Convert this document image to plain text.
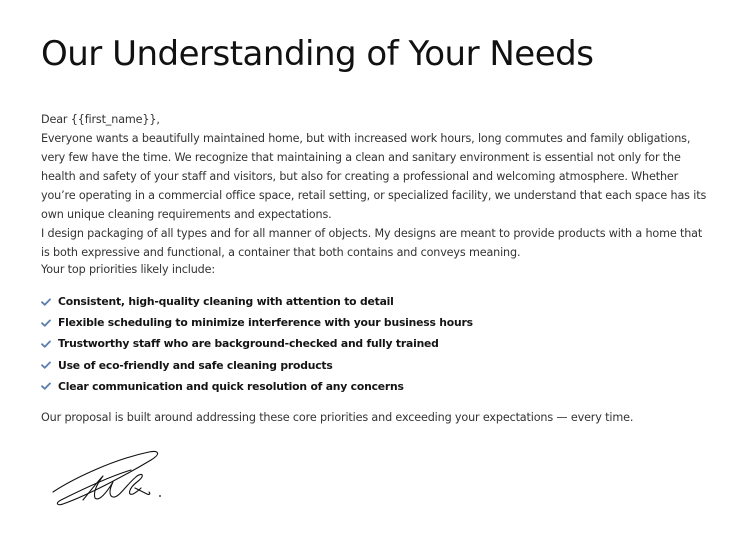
Our Understanding of Your Needs

Dear {{first_name}},

Everyone wants a beautifully maintained home, but with increased work hours, long commutes and family obligations, very few have the time. We recognize that maintaining a clean and sanitary environment is essential not only for the health and safety of your staff and visitors, but also for creating a professional and welcoming atmosphere. Whether you’re operating in a commercial office space, retail setting, or specialized facility, we understand that each space has its own unique cleaning requirements and expectations.

I design packaging of all types and for all manner of objects. My designs are meant to provide products with a home that is both expressive and functional, a container that both contains and conveys meaning.

Your top priorities likely include:
Consistent, high-quality cleaning with attention to detail
Flexible scheduling to minimize interference with your business hours
Trustworthy staff who are background-checked and fully trained
Use of eco-friendly and safe cleaning products
Clear communication and quick resolution of any concerns
Our proposal is built around addressing these core priorities and exceeding your expectations — every time.
